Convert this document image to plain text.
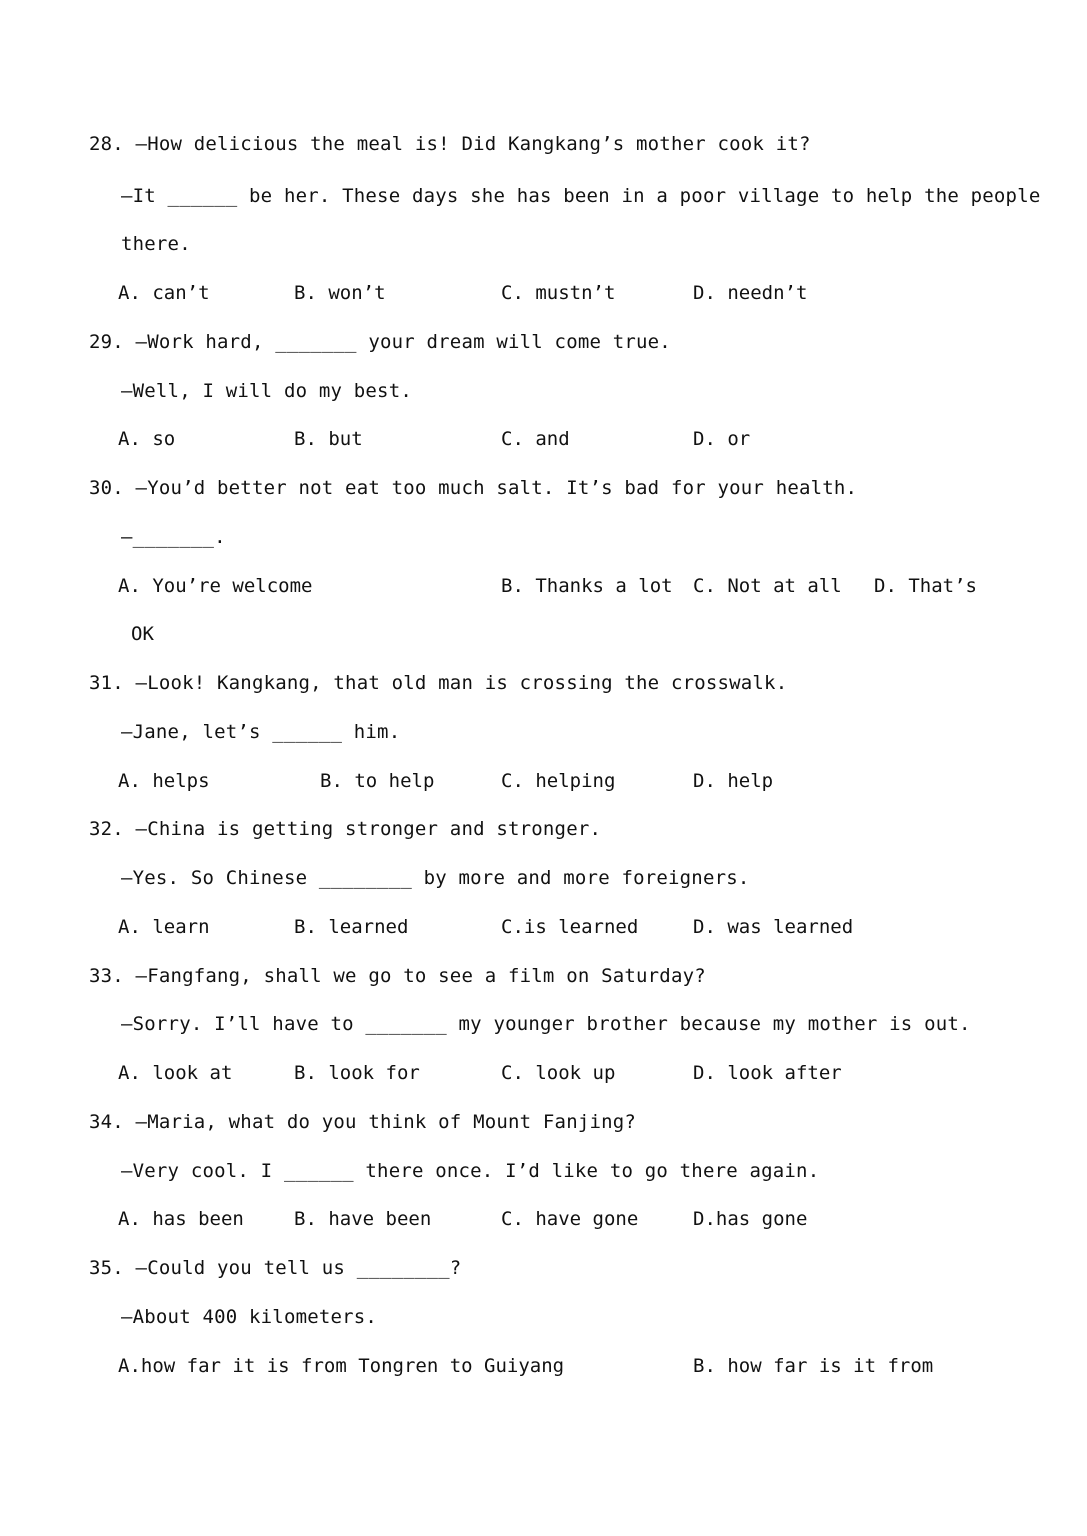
28. —How delicious the meal is! Did Kangkang’s mother cook it?
—It ______ be her. These days she has been in a poor village to help the people
there.
A. can’t	B. won’t	C. mustn’t	D. needn’t
29. —Work hard, _______ your dream will come true.
—Well, I will do my best.
A. so	B. but	C. and	D. or
30. —You’d better not eat too much salt. It’s bad for your health.
—_______.
A. You’re welcome	B. Thanks a lot C. Not at all D. That’s
OK
31. —Look! Kangkang, that old man is crossing the crosswalk.
—Jane, let’s ______ him.
A. helps	B. to help	C. helping	D. help
32. —China is getting stronger and stronger.
—Yes. So Chinese ________ by more and more foreigners.
A. learn	B. learned	C.is learned	D. was learned
33. —Fangfang, shall we go to see a film on Saturday?
—Sorry. I’ll have to _______ my younger brother because my mother is out.
A. look at	B. look for	C. look up	D. look after
34. —Maria, what do you think of Mount Fanjing?
—Very cool. I ______ there once. I’d like to go there again.
A. has been	B. have been	C. have gone	D.has gone
35. —Could you tell us ________?
—About 400 kilometers.
A.how far it is from Tongren to Guiyang	B. how far is it from
